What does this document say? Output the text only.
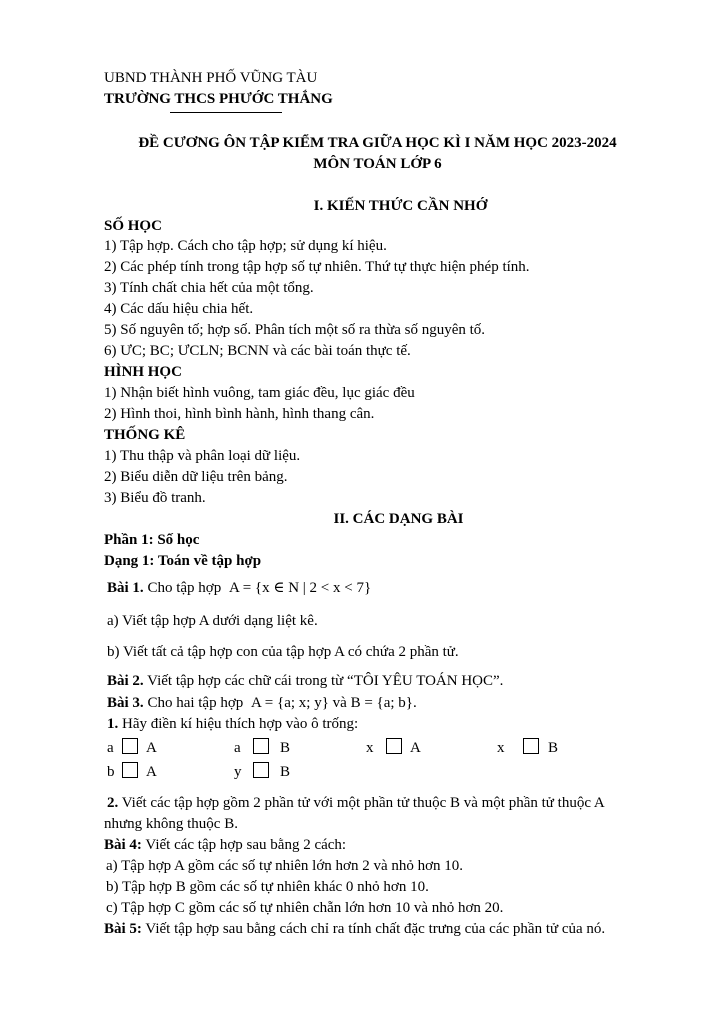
UBND THÀNH PHỐ VŨNG TÀU
TRƯỜNG THCS PHƯỚC THẮNG
ĐỀ CƯƠNG ÔN TẬP KIỂM TRA GIỮA HỌC KÌ I NĂM HỌC 2023-2024
MÔN TOÁN LỚP 6
I. KIẾN THỨC CẦN NHỚ
SỐ HỌC
1) Tập hợp. Cách cho tập hợp; sử dụng kí hiệu.
2) Các phép tính trong tập hợp số tự nhiên. Thứ tự thực hiện phép tính.
3) Tính chất chia hết của một tổng.
4) Các dấu hiệu chia hết.
5) Số nguyên tố; hợp số. Phân tích một số ra thừa số nguyên tố.
6) ƯC; BC; ƯCLN; BCNN và các bài toán thực tế.
HÌNH HỌC
1) Nhận biết hình vuông, tam giác đều, lục giác đều
2) Hình thoi, hình bình hành, hình thang cân.
THỐNG KÊ
1) Thu thập và phân loại dữ liệu.
2) Biểu diễn dữ liệu trên bảng.
3) Biểu đồ tranh.
II. CÁC DẠNG BÀI
Phần 1: Số học
Dạng 1: Toán về tập hợp
Bài 1. Cho tập hợp A = {x ∈ N | 2 < x < 7}
a) Viết tập hợp A dưới dạng liệt kê.
b) Viết tất cả tập hợp con của tập hợp A có chứa 2 phần tử.
Bài 2. Viết tập hợp các chữ cái trong từ “TÔI YÊU TOÁN HỌC”.
Bài 3. Cho hai tập hợp A = {a; x; y} và B = {a; b}.
1. Hãy điền kí hiệu thích hợp vào ô trống:
a A	a	B	x A	x	B
b A	y	B
2. Viết các tập hợp gồm 2 phần tử với một phần tử thuộc B và một phần tử thuộc A
nhưng không thuộc B.
Bài 4: Viết các tập hợp sau bằng 2 cách:
a) Tập hợp A gồm các số tự nhiên lớn hơn 2 và nhỏ hơn 10.
b) Tập hợp B gồm các số tự nhiên khác 0 nhỏ hơn 10.
c) Tập hợp C gồm các số tự nhiên chẵn lớn hơn 10 và nhỏ hơn 20.
Bài 5: Viết tập hợp sau bằng cách chỉ ra tính chất đặc trưng của các phần tử của nó.
